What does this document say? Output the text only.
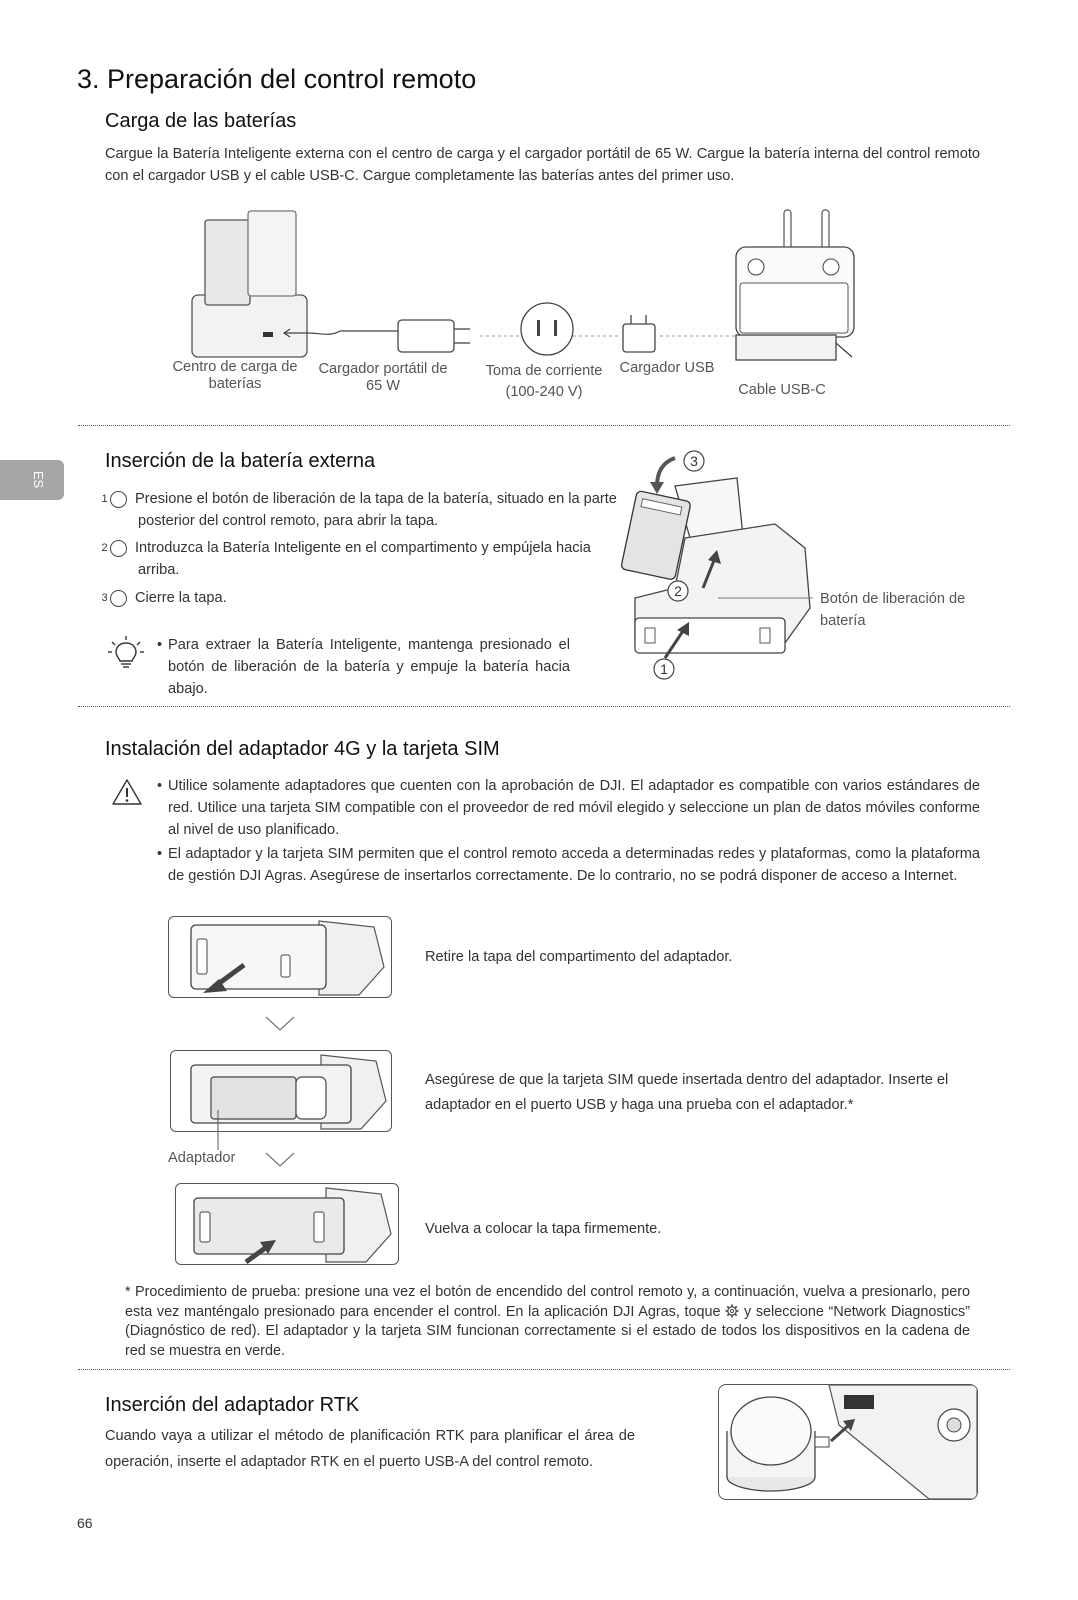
3. Preparación del control remoto
ES
Carga de las baterías
Cargue la Batería Inteligente externa con el centro de carga y el cargador portátil de 65 W. Cargue la batería interna del control remoto con el cargador USB y el cable USB-C. Cargue completamente las baterías antes del primer uso.
Centro de carga de baterías
Cargador portátil de 65 W
Toma de corriente (100-240 V)
Cargador USB
Cable USB-C
Inserción de la batería externa
1 Presione el botón de liberación de la tapa de la batería, situado en la parte posterior del control remoto, para abrir la tapa.
2 Introduzca la Batería Inteligente en el compartimento y empújela hacia arriba.
3 Cierre la tapa.
• Para extraer la Batería Inteligente, mantenga presionado el botón de liberación de la batería y empuje la batería hacia abajo.
3
2
1
Botón de liberación de batería
Instalación del adaptador 4G y la tarjeta SIM
• Utilice solamente adaptadores que cuenten con la aprobación de DJI. El adaptador es compatible con varios estándares de red. Utilice una tarjeta SIM compatible con el proveedor de red móvil elegido y seleccione un plan de datos móviles conforme al nivel de uso planificado.
• El adaptador y la tarjeta SIM permiten que el control remoto acceda a determinadas redes y plataformas, como la plataforma de gestión DJI Agras. Asegúrese de insertarlos correctamente. De lo contrario, no se podrá disponer de acceso a Internet.
Retire la tapa del compartimento del adaptador.
Adaptador
Asegúrese de que la tarjeta SIM quede insertada dentro del adaptador. Inserte el adaptador en el puerto USB y haga una prueba con el adaptador.*
Vuelva a colocar la tapa firmemente.
* Procedimiento de prueba: presione una vez el botón de encendido del control remoto y, a continuación, vuelva a presionarlo, pero esta vez manténgalo presionado para encender el control. En la aplicación DJI Agras, toque y seleccione “Network Diagnostics” (Diagnóstico de red). El adaptador y la tarjeta SIM funcionan correctamente si el estado de todos los dispositivos en la cadena de red se muestra en verde.
Inserción del adaptador RTK
Cuando vaya a utilizar el método de planificación RTK para planificar el área de operación, inserte el adaptador RTK en el puerto USB-A del control remoto.
66
